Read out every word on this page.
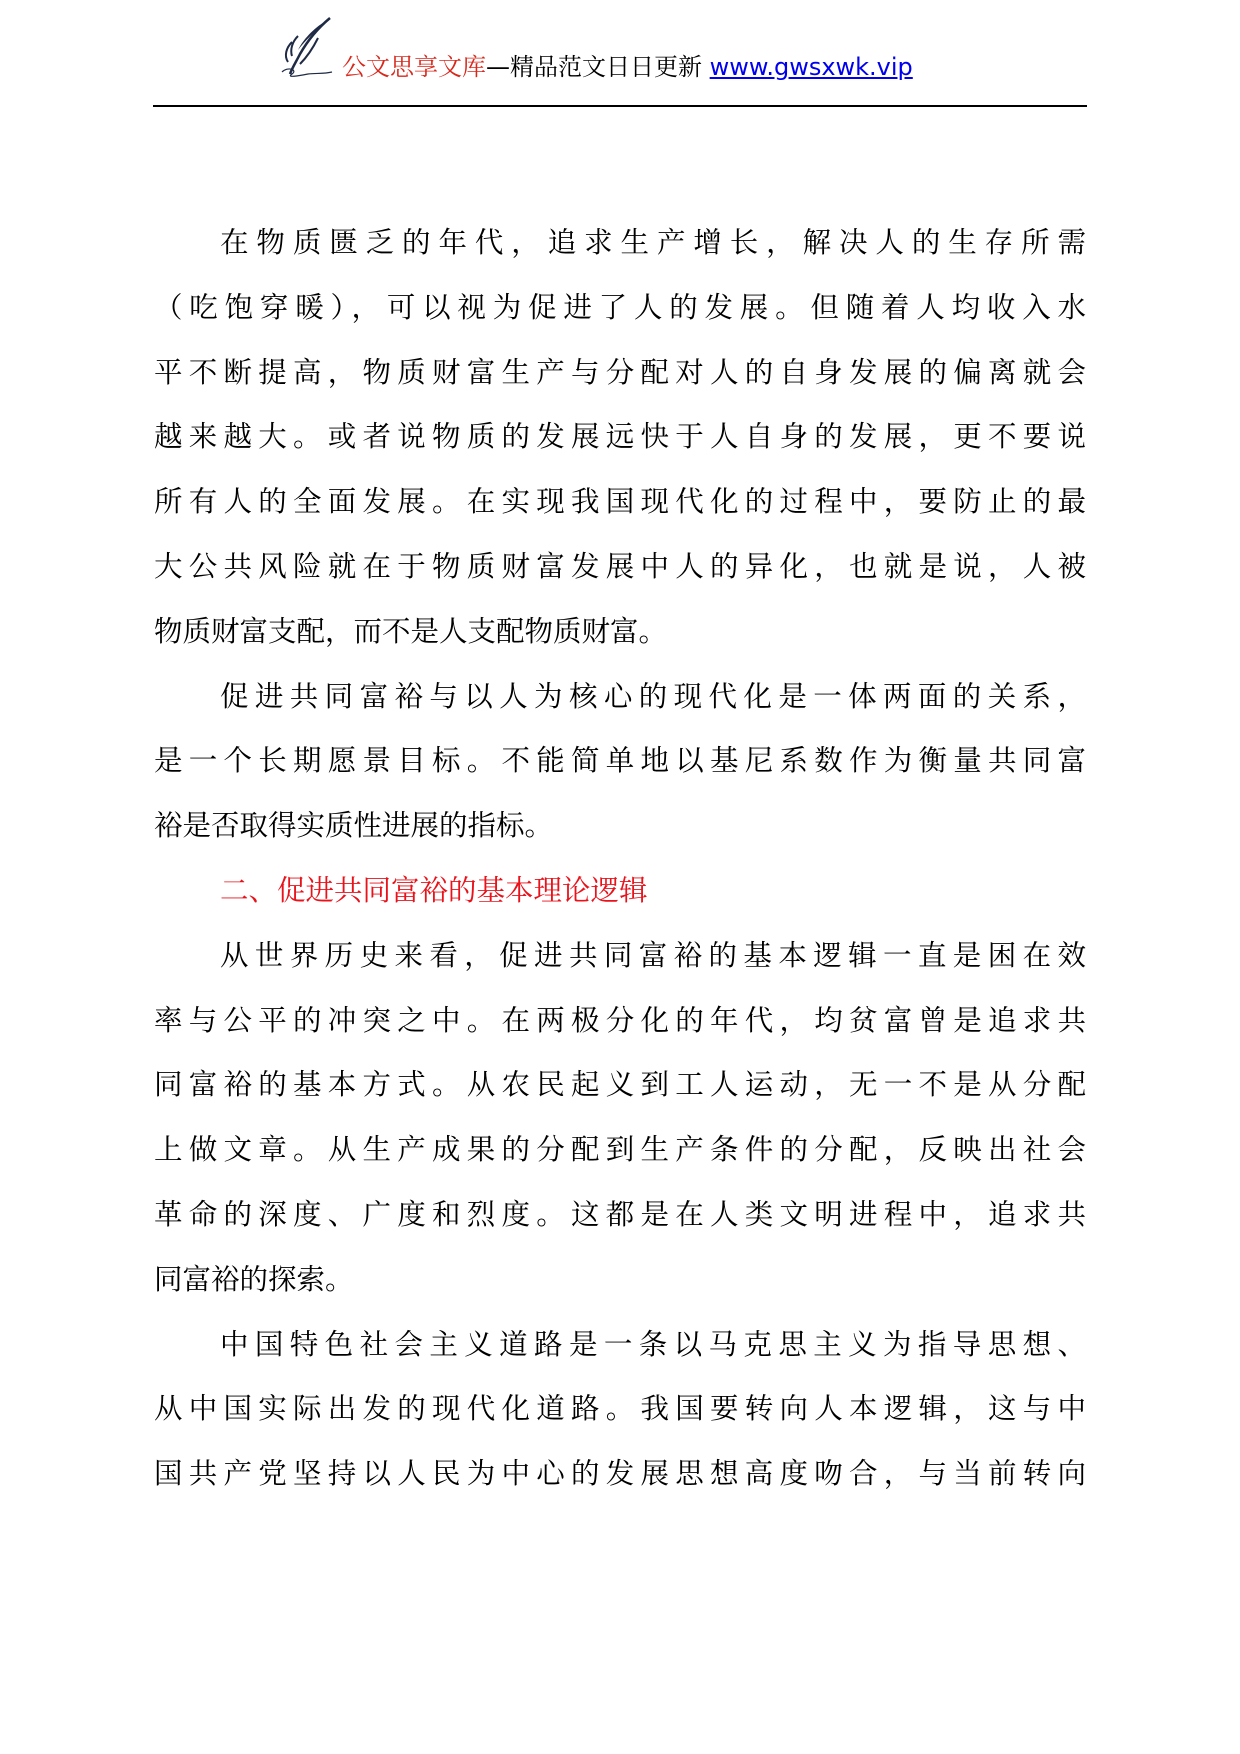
公文思享文库—精品范文日日更新 www.gwsxwk.vip
在物质匮乏的年代，追求生产增长，解决人的生存所需
（吃饱穿暖），可以视为促进了人的发展。但随着人均收入水
平不断提高，物质财富生产与分配对人的自身发展的偏离就会
越来越大。或者说物质的发展远快于人自身的发展，更不要说
所有人的全面发展。在实现我国现代化的过程中，要防止的最
大公共风险就在于物质财富发展中人的异化，也就是说，人被
物质财富支配，而不是人支配物质财富。
促进共同富裕与以人为核心的现代化是一体两面的关系，
是一个长期愿景目标。不能简单地以基尼系数作为衡量共同富
裕是否取得实质性进展的指标。
二、促进共同富裕的基本理论逻辑
从世界历史来看，促进共同富裕的基本逻辑一直是困在效
率与公平的冲突之中。在两极分化的年代，均贫富曾是追求共
同富裕的基本方式。从农民起义到工人运动，无一不是从分配
上做文章。从生产成果的分配到生产条件的分配，反映出社会
革命的深度、广度和烈度。这都是在人类文明进程中，追求共
同富裕的探索。
中国特色社会主义道路是一条以马克思主义为指导思想、
从中国实际出发的现代化道路。我国要转向人本逻辑，这与中
国共产党坚持以人民为中心的发展思想高度吻合，与当前转向
